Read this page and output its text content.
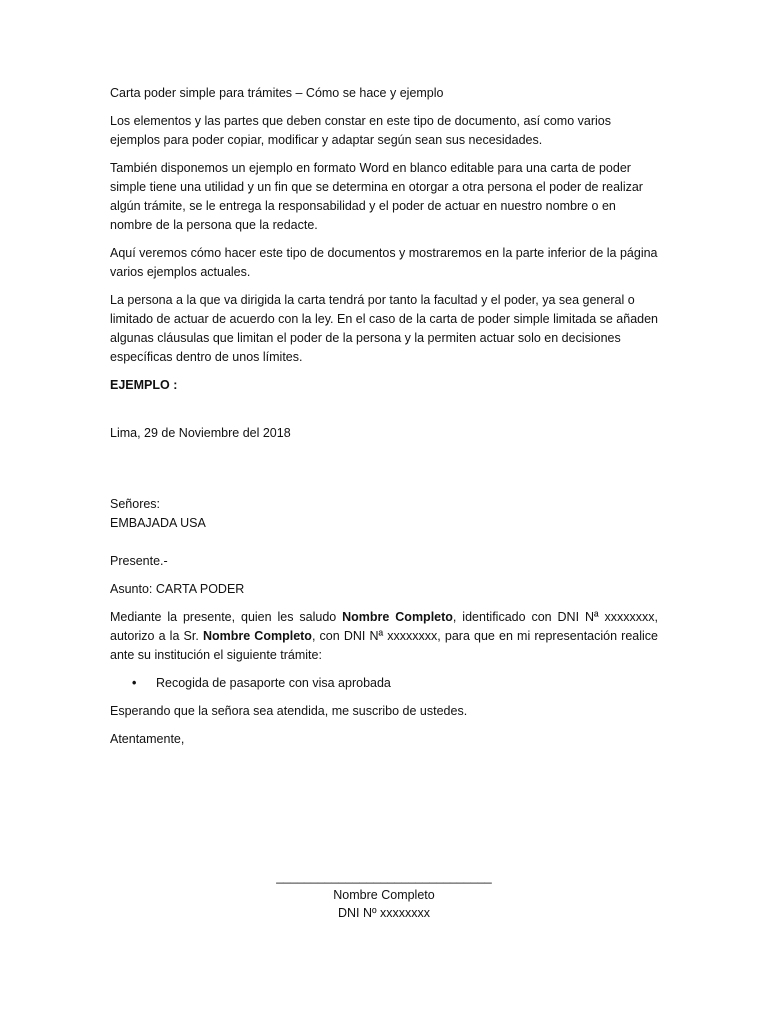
Carta poder simple para trámites – Cómo se hace y ejemplo

Los elementos y las partes que deben constar en este tipo de documento, así como varios ejemplos para poder copiar, modificar y adaptar según sean sus necesidades.

También disponemos un ejemplo en formato Word en blanco editable para una carta de poder simple tiene una utilidad y un fin que se determina en otorgar a otra persona el poder de realizar algún trámite, se le entrega la responsabilidad y el poder de actuar en nuestro nombre o en nombre de la persona que la redacte.

Aquí veremos cómo hacer este tipo de documentos y mostraremos en la parte inferior de la página varios ejemplos actuales.

La persona a la que va dirigida la carta tendrá por tanto la facultad y el poder, ya sea general o limitado de actuar de acuerdo con la ley. En el caso de la carta de poder simple limitada se añaden algunas cláusulas que limitan el poder de la persona y la permiten actuar solo en decisiones específicas dentro de unos límites.

EJEMPLO :

Lima, 29 de Noviembre del 2018

Señores:
EMBAJADA USA

Presente.-

Asunto: CARTA PODER

Mediante la presente, quien les saludo Nombre Completo, identificado con DNI Nª xxxxxxxx, autorizo a la Sr. Nombre Completo, con DNI Nª xxxxxxxx, para que en mi representación realice ante su institución el siguiente trámite:

•	Recogida de pasaporte con visa aprobada

Esperando que la señora sea atendida, me suscribo de ustedes.

Atentamente,

_______________________________
Nombre Completo
DNI Nº xxxxxxxx
